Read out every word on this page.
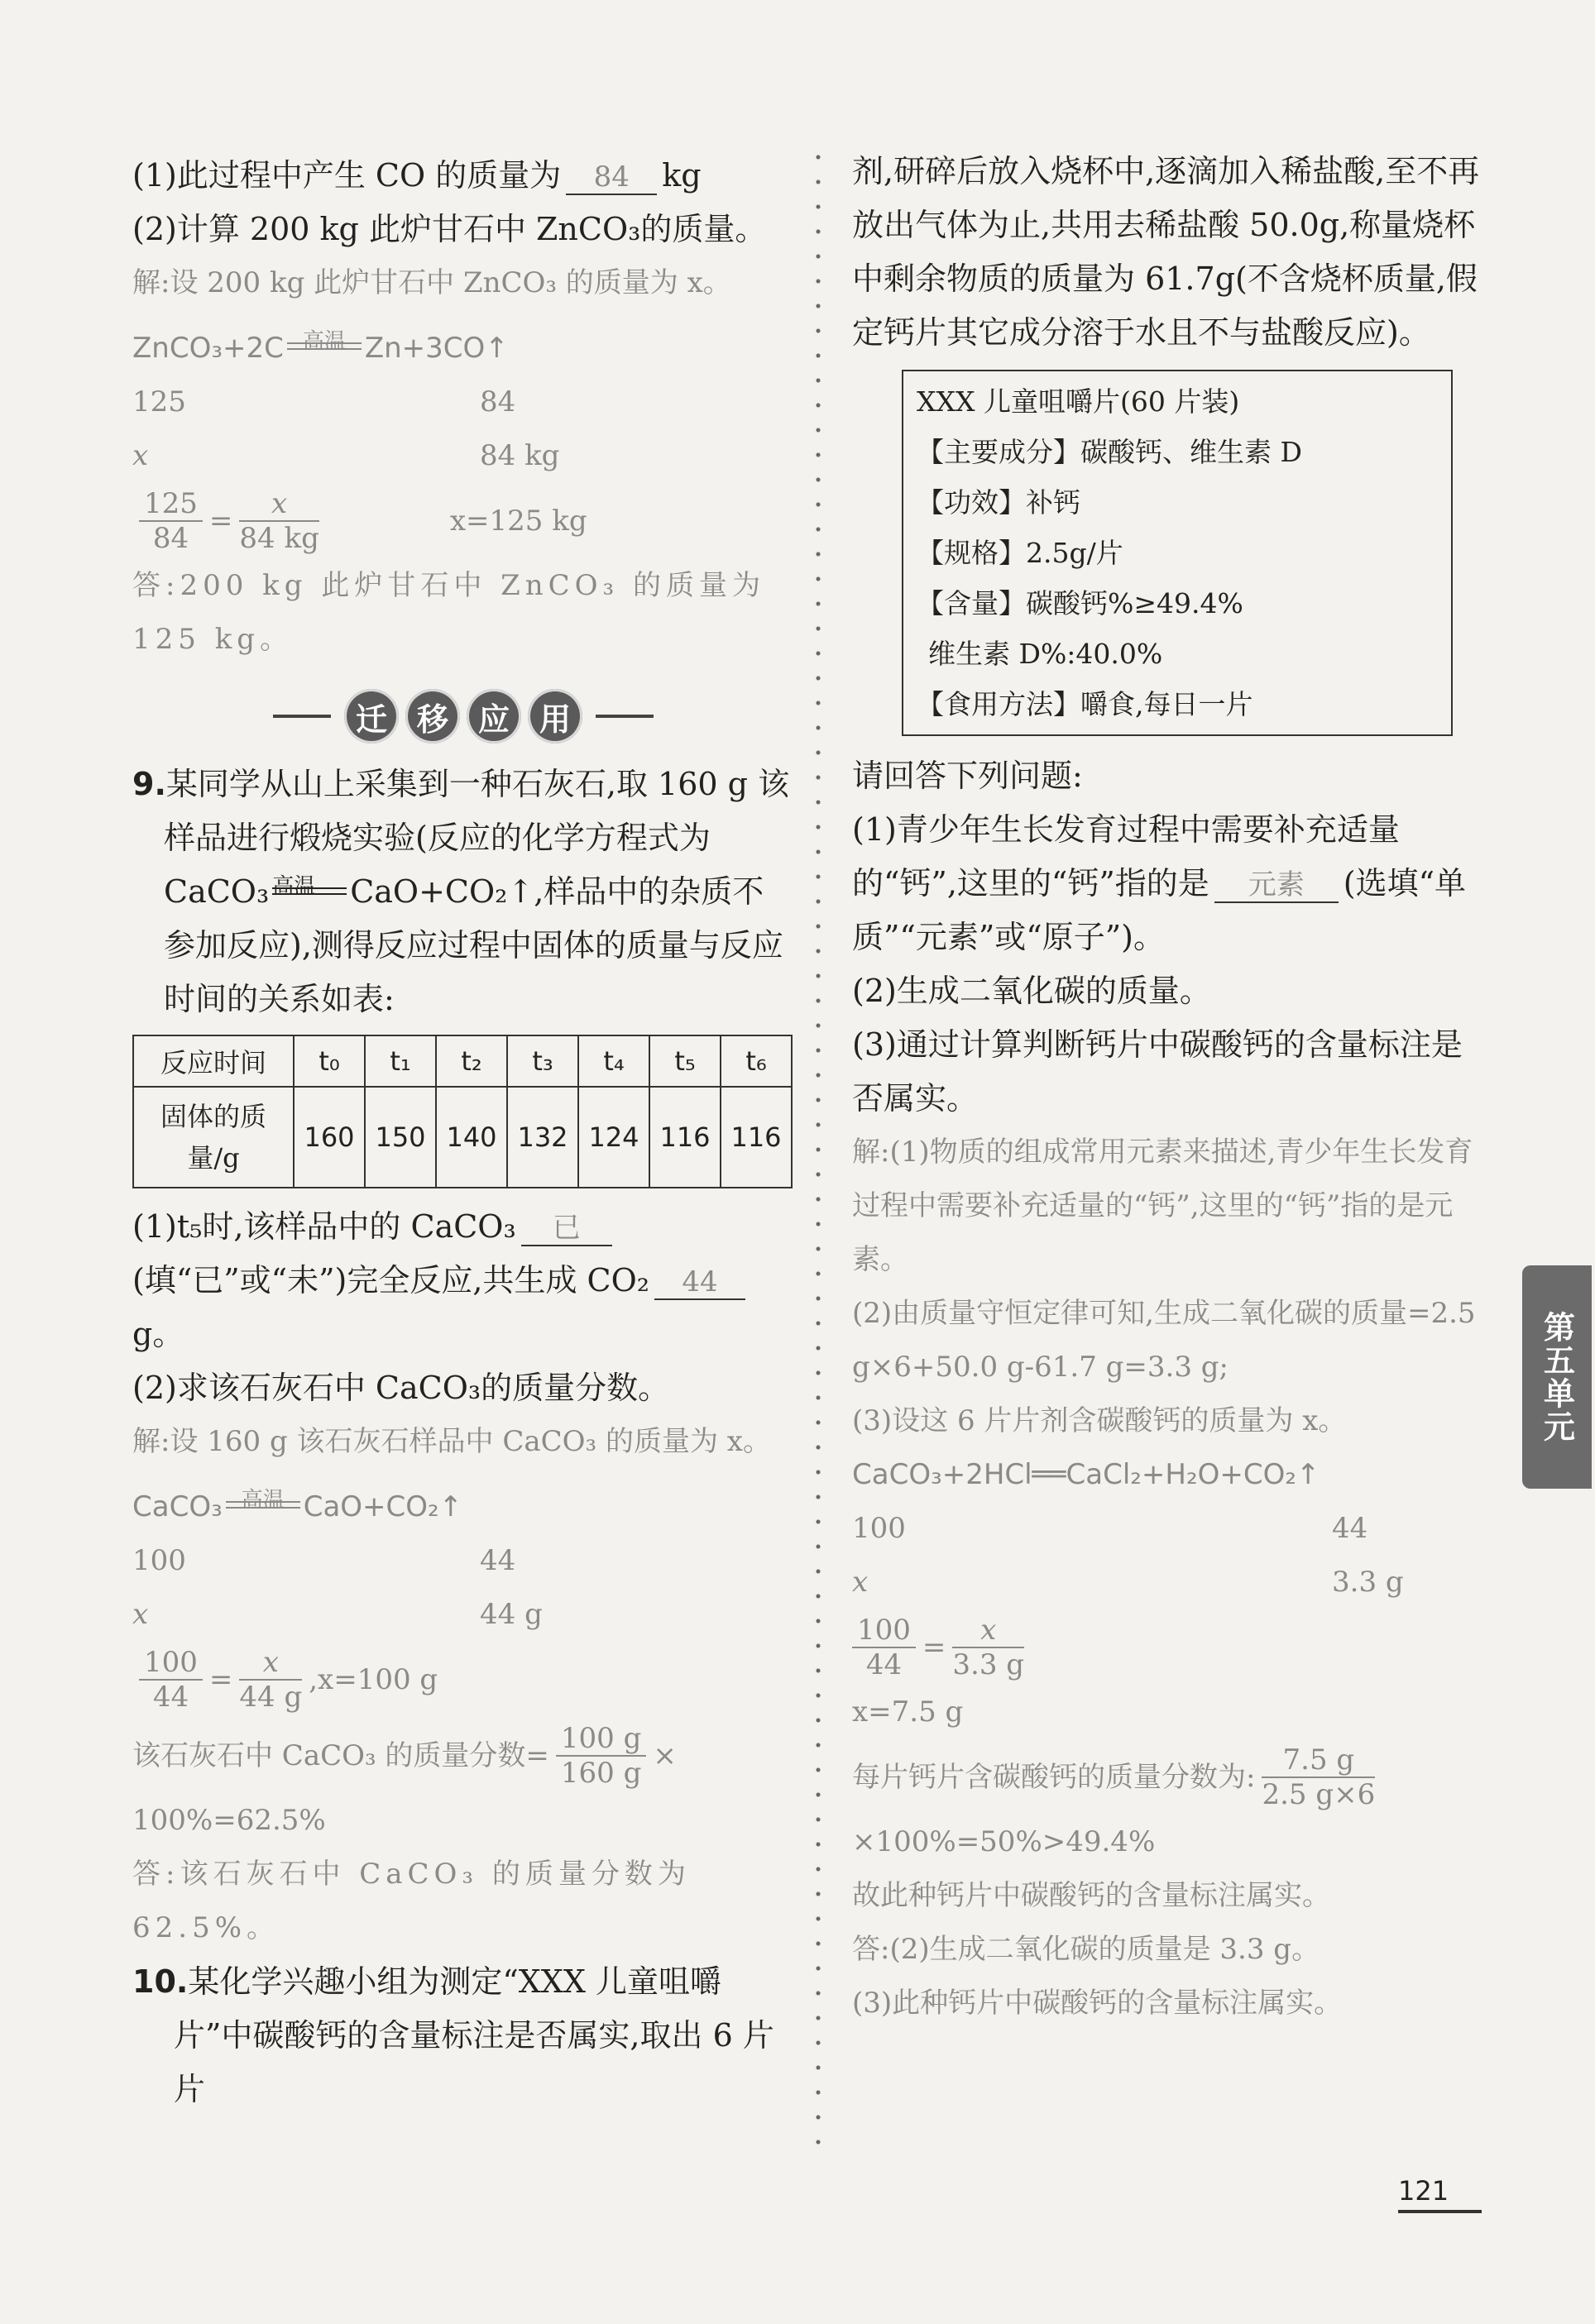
(1)此过程中产生 CO 的质量为 84 kg
(2)计算 200 kg 此炉甘石中 ZnCO₃的质量。
解:设 200 kg 此炉甘石中 ZnCO₃ 的质量为 x。
ZnCO₃+2C 高温 Zn+3CO↑
125	84
x	84 kg
$\frac{125}{84} = \frac{x}{84 kg}$	x=125 kg
答:200 kg 此炉甘石中 ZnCO₃ 的质量为 125 kg。
迁 移 应 用
9.某同学从山上采集到一种石灰石,取 160 g 该样品进行煅烧实验(反应的化学方程式为 CaCO₃ 高温	CaO+CO₂↑,样品中的杂质不参加反应),测得反应过程中固体的质量与反应时间的关系如表:
反应时间	t₀	t₁	t₂	t₃	t₄	t₅	t₆
固体的质量/g	160	150	140	132	124	116	116
(1)t₅时,该样品中的 CaCO₃ 已(填“已”或“未”)完全反应,共生成 CO₂ 44g。
(2)求该石灰石中 CaCO₃的质量分数。
解:设 160 g 该石灰石样品中 CaCO₃ 的质量为 x。
CaCO₃ 高温 CaO+CO₂↑
100	44
x	44 g
$\frac{100}{44} = \frac{x}{44 g} ,x=100$ g
该石灰石中 CaCO₃ 的质量分数= $\frac{100 g}{160 g}$ ×
100%=62.5%
答:该石灰石中 CaCO₃ 的质量分数为 62.5%。
10.某化学兴趣小组为测定“XXX 儿童咀嚼片”中碳酸钙的含量标注是否属实,取出 6 片片
剂,研碎后放入烧杯中,逐滴加入稀盐酸,至不再放出气体为止,共用去稀盐酸 50.0g,称量烧杯中剩余物质的质量为 61.7g(不含烧杯质量,假定钙片其它成分溶于水且不与盐酸反应)。
XXX 儿童咀嚼片(60 片装)
【主要成分】碳酸钙、维生素 D
【功效】补钙
【规格】2.5g/片
【含量】碳酸钙%≥49.4%
维生素 D%:40.0%
【食用方法】嚼食,每日一片
请回答下列问题:
(1)青少年生长发育过程中需要补充适量的“钙”,这里的“钙”指的是 元素 (选填“单质”“元素”或“原子”)。
(2)生成二氧化碳的质量。
(3)通过计算判断钙片中碳酸钙的含量标注是否属实。
解:(1)物质的组成常用元素来描述,青少年生长发育过程中需要补充适量的“钙”,这里的“钙”指的是元素。
(2)由质量守恒定律可知,生成二氧化碳的质量=2.5 g×6+50.0 g-61.7 g=3.3 g;
(3)设这 6 片片剂含碳酸钙的质量为 x。
CaCO₃+2HCl══CaCl₂+H₂O+CO₂↑
100	44
x	3.3 g
$\frac{100}{44} = \frac{x}{3.3 g}$
x=7.5 g
每片钙片含碳酸钙的质量分数为: $\frac{7.5 g}{2.5 g\times 6}$
×100%=50%>49.4%
故此种钙片中碳酸钙的含量标注属实。
答:(2)生成二氧化碳的质量是 3.3 g。
(3)此种钙片中碳酸钙的含量标注属实。
第五单元
121
